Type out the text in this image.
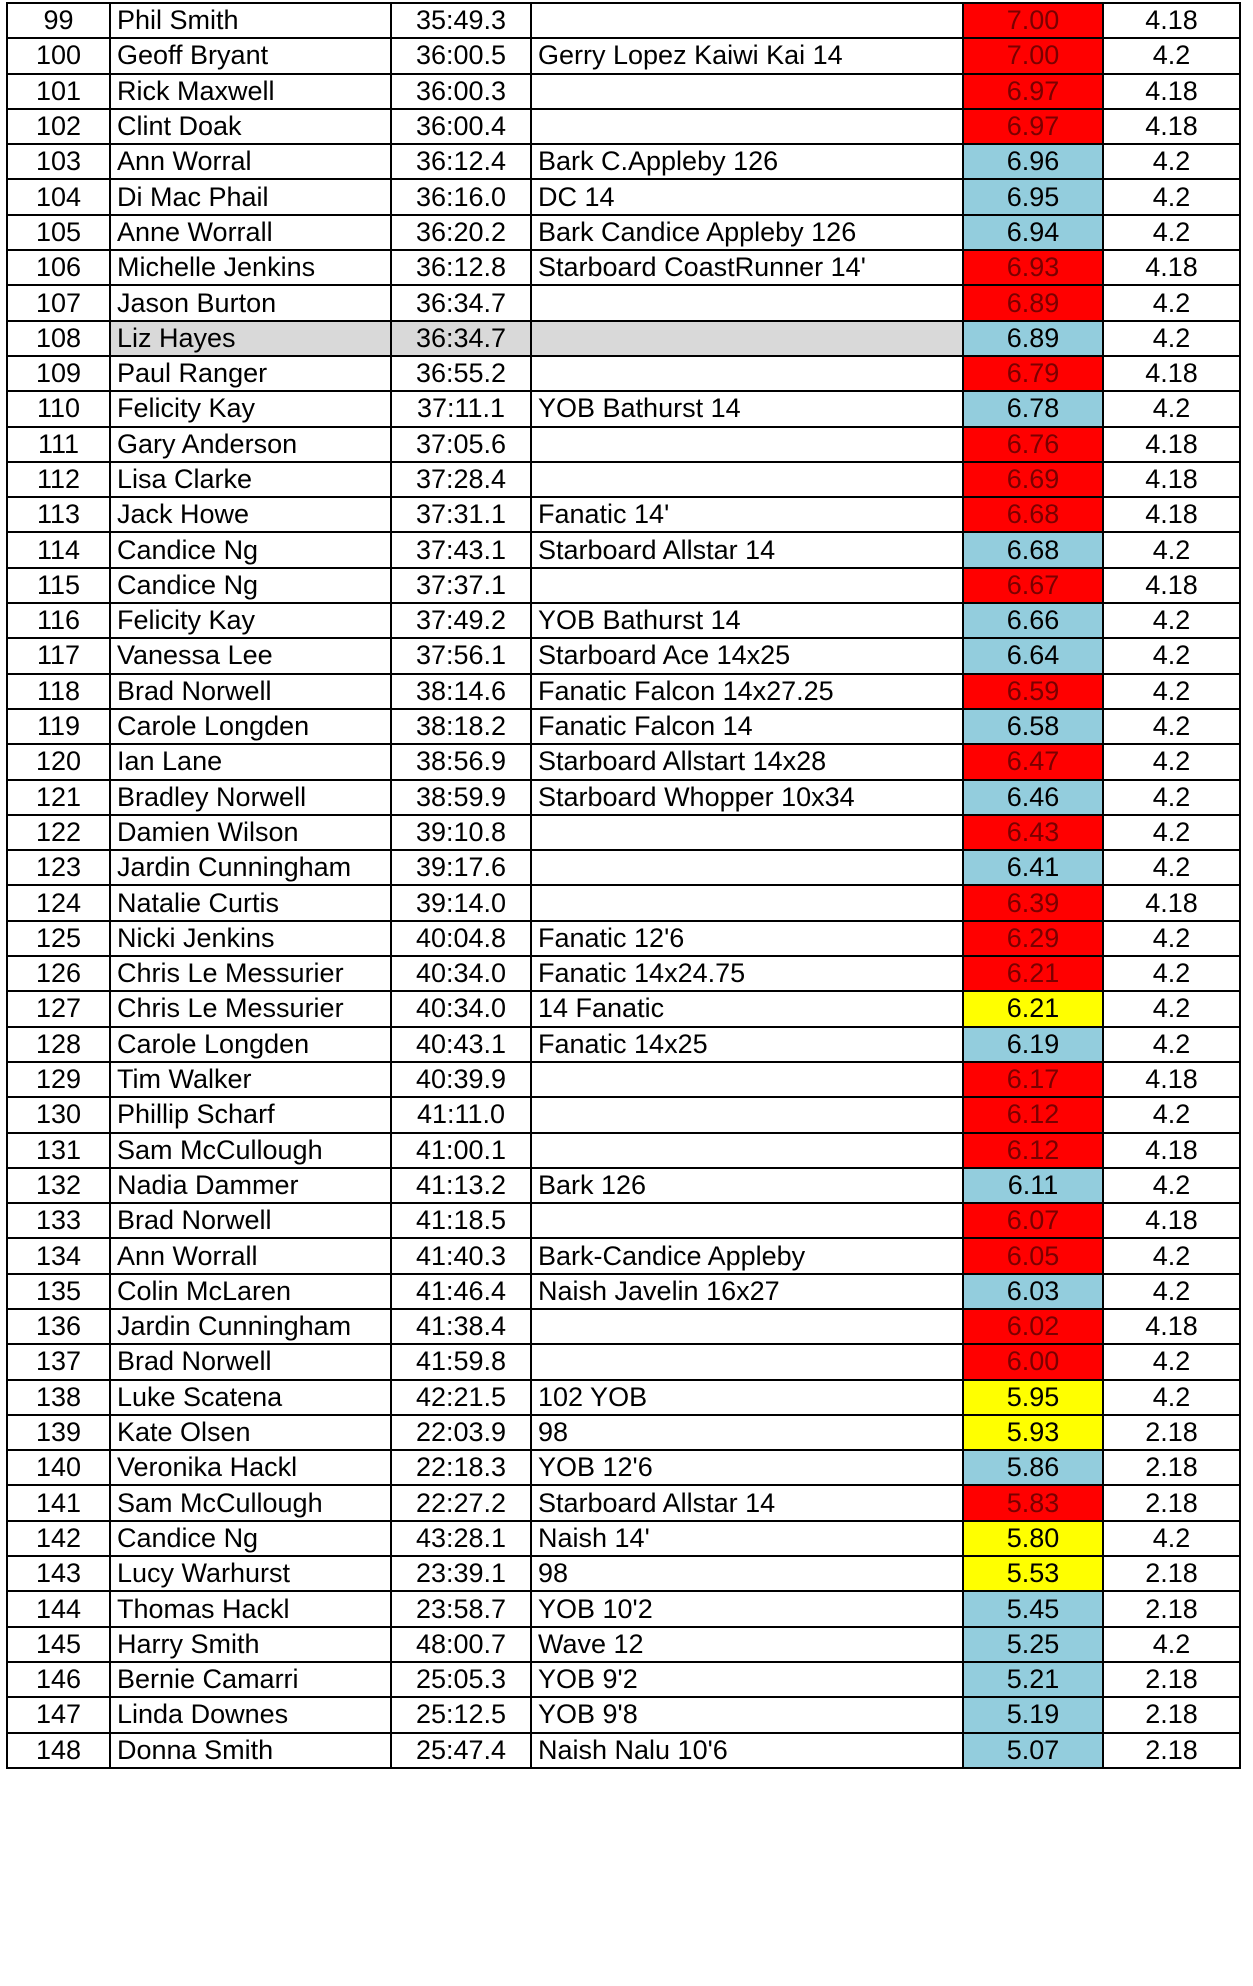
99	Phil Smith	35:49.3		7.00	4.18
100	Geoff Bryant	36:00.5	Gerry Lopez Kaiwi Kai 14	7.00	4.2
101	Rick Maxwell	36:00.3		6.97	4.18
102	Clint Doak	36:00.4		6.97	4.18
103	Ann Worral	36:12.4	Bark C.Appleby 126	6.96	4.2
104	Di Mac Phail	36:16.0	DC 14	6.95	4.2
105	Anne Worrall	36:20.2	Bark Candice Appleby 126	6.94	4.2
106	Michelle Jenkins	36:12.8	Starboard CoastRunner 14'	6.93	4.18
107	Jason Burton	36:34.7		6.89	4.2
108	Liz Hayes	36:34.7		6.89	4.2
109	Paul Ranger	36:55.2		6.79	4.18
110	Felicity Kay	37:11.1	YOB Bathurst 14	6.78	4.2
111	Gary Anderson	37:05.6		6.76	4.18
112	Lisa Clarke	37:28.4		6.69	4.18
113	Jack Howe	37:31.1	Fanatic 14'	6.68	4.18
114	Candice Ng	37:43.1	Starboard Allstar 14	6.68	4.2
115	Candice Ng	37:37.1		6.67	4.18
116	Felicity Kay	37:49.2	YOB Bathurst 14	6.66	4.2
117	Vanessa Lee	37:56.1	Starboard Ace 14x25	6.64	4.2
118	Brad Norwell	38:14.6	Fanatic Falcon 14x27.25	6.59	4.2
119	Carole Longden	38:18.2	Fanatic Falcon 14	6.58	4.2
120	Ian Lane	38:56.9	Starboard Allstart 14x28	6.47	4.2
121	Bradley Norwell	38:59.9	Starboard Whopper 10x34	6.46	4.2
122	Damien Wilson	39:10.8		6.43	4.2
123	Jardin Cunningham	39:17.6		6.41	4.2
124	Natalie Curtis	39:14.0		6.39	4.18
125	Nicki Jenkins	40:04.8	Fanatic 12'6	6.29	4.2
126	Chris Le Messurier	40:34.0	Fanatic 14x24.75	6.21	4.2
127	Chris Le Messurier	40:34.0	14 Fanatic	6.21	4.2
128	Carole Longden	40:43.1	Fanatic 14x25	6.19	4.2
129	Tim Walker	40:39.9		6.17	4.18
130	Phillip Scharf	41:11.0		6.12	4.2
131	Sam McCullough	41:00.1		6.12	4.18
132	Nadia Dammer	41:13.2	Bark 126	6.11	4.2
133	Brad Norwell	41:18.5		6.07	4.18
134	Ann Worrall	41:40.3	Bark-Candice Appleby	6.05	4.2
135	Colin McLaren	41:46.4	Naish Javelin 16x27	6.03	4.2
136	Jardin Cunningham	41:38.4		6.02	4.18
137	Brad Norwell	41:59.8		6.00	4.2
138	Luke Scatena	42:21.5	102 YOB	5.95	4.2
139	Kate Olsen	22:03.9	98	5.93	2.18
140	Veronika Hackl	22:18.3	YOB 12'6	5.86	2.18
141	Sam McCullough	22:27.2	Starboard Allstar 14	5.83	2.18
142	Candice Ng	43:28.1	Naish 14'	5.80	4.2
143	Lucy Warhurst	23:39.1	98	5.53	2.18
144	Thomas Hackl	23:58.7	YOB 10'2	5.45	2.18
145	Harry Smith	48:00.7	Wave 12	5.25	4.2
146	Bernie Camarri	25:05.3	YOB 9'2	5.21	2.18
147	Linda Downes	25:12.5	YOB 9'8	5.19	2.18
148	Donna Smith	25:47.4	Naish Nalu 10'6	5.07	2.18
